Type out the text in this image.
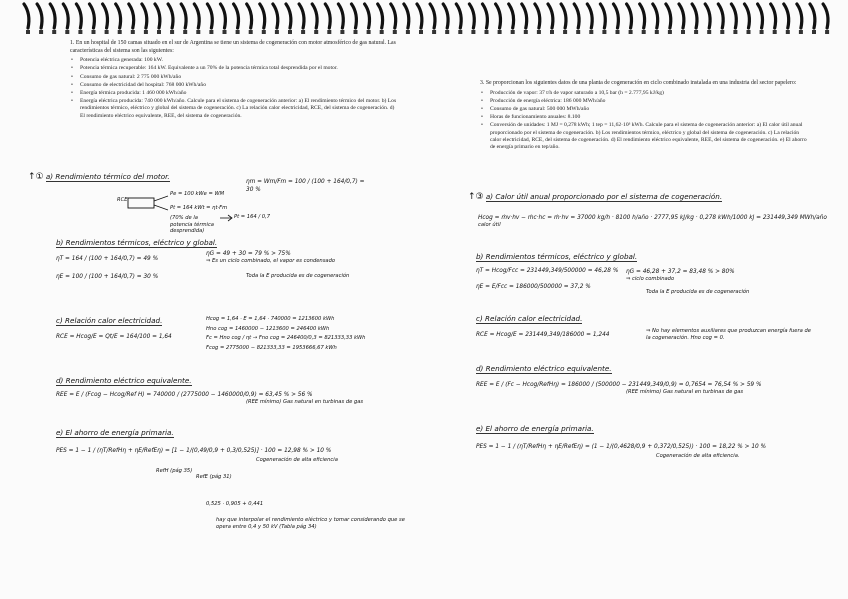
1. En un hospital de 150 camas situado en el sur de Argentina se tiene un sistema de cogeneración con motor atmosférico de gas natural. Las características del sistema son las siguientes:

• Potencia eléctrica generada: 100 kW.

• Potencia térmica recuperable: 164 kW. Equivalente a un 70% de la potencia térmica total desprendida por el motor.

• Consumo de gas natural: 2 775 000 kWh/año

• Consumo de electricidad del hospital: 768 000 kWh/año

• Energía térmica producida: 1 460 000 kWh/año

• Energía eléctrica producida: 740 000 kWh/año. Calcule para el sistema de cogeneración anterior: a) El rendimiento térmico del motor. b) Los rendimientos térmico, eléctrico y global del sistema de cogeneración. c) La relación calor electricidad, RCE, del sistema de cogeneración. d) El rendimiento eléctrico equivalente, REE, del sistema de cogeneración.

↑① a) Rendimiento térmico del motor.

ηm = Wm/Fm = 100 / (100 + 164/0,7) = 30 %

RCE
Pe = 100 kWe = WM
Pt = 164 kWt = ηt·Fm
(70% de la potencia térmica desprendida)
Pt = 164 / 0,7

b) Rendimientos térmicos, eléctrico y global.

ηT = 164 / (100 + 164/0,7) = 49 %

ηE = 100 / (100 + 164/0,7) = 30 %

ηG = 49 + 30 = 79 % > 75%

⇒ Es un ciclo combinado, el vapor es condensado

Toda la E producida es de cogeneración

c) Relación calor electricidad.

RCE = Hcog/E = Qt/E = 164/100 = 1,64

Hcog = 1,64 · E = 1,64 · 740000 = 1213600 kWh

Hno cog = 1460000 − 1213600 = 246400 kWh

Fc = Hno cog / ηt → Fno cog = 246400/0,3 = 821333,33 kWh

Fcog = 2775000 − 821333,33 = 1953666,67 kWh

d) Rendimiento eléctrico equivalente.

REE = E / (Fcog − Hcog/Ref H) = 740000 / (2775000 − 1460000/0,9) = 63,45 % > 56 %

(REE mínimo) Gas natural en turbinas de gas

e) El ahorro de energía primaria.

PES = 1 − 1 / (ηT/RefHη + ηE/RefEη) = [1 − 1/(0,49/0,9 + 0,3/0,525)] · 100 = 12,98 % > 10 %

Cogeneración de alta eficiencia

RefH (pág 35)

RefE (pág 31)

0,525 · 0,905 + 0,441

hay que interpolar el rendimiento eléctrico y tomar considerando que se opera entre 0,4 y 50 kV (Tabla pág 34)

3. Se proporcionan los siguientes datos de una planta de cogeneración en ciclo combinado instalada en una industria del sector papelero:

• Producción de vapor: 37 t/h de vapor saturado a 10,5 bar (h = 2.777,95 kJ/kg)

• Producción de energía eléctrica: 186 000 MWh/año

• Consumo de gas natural: 500 000 MWh/año

• Horas de funcionamiento anuales: 8.100

• Conversión de unidades: 1 MJ = 0,278 kWh; 1 tep = 11,62·10³ kWh. Calcule para el sistema de cogeneración anterior: a) El calor útil anual proporcionado por el sistema de cogeneración. b) Los rendimientos térmico, eléctrico y global del sistema de cogeneración. c) La relación calor electricidad, RCE, del sistema de cogeneración. d) El rendimiento eléctrico equivalente, REE, del sistema de cogeneración. e) El ahorro de energía primario en tep/año.

↑③ a) Calor útil anual proporcionado por el sistema de cogeneración.

Hcog = ṁv·hv − ṁc·hc = ṁ·hv = 37000 kg/h · 8100 h/año · 2777,95 kJ/kg · 0,278 kWh/1000 kJ = 231449,349 MWh/año

calor útil

b) Rendimientos térmicos, eléctrico y global.

ηT = Hcog/Fcc = 231449,349/500000 = 46,28 %

ηE = E/Fcc = 186000/500000 = 37,2 %

ηG = 46,28 + 37,2 = 83,48 % > 80%

⇒ ciclo combinado

Toda la E producida es de cogeneración

c) Relación calor electricidad.

RCE = Hcog/E = 231449,349/186000 = 1,244

⇒ No hay elementos auxiliares que produzcan energía fuera de la cogeneración. Hno cog = 0.

d) Rendimiento eléctrico equivalente.

REE = E / (Fc − Hcog/RefHη) = 186000 / (500000 − 231449,349/0,9) = 0,7654 = 76,54 % > 59 %

(REE mínimo) Gas natural en turbinas de gas

e) El ahorro de energía primaria.

PES = 1 − 1 / (ηT/RefHη + ηE/RefEη) = (1 − 1/(0,4628/0,9 + 0,372/0,525)) · 100 = 18,22 % > 10 %

Cogeneración de alta eficiencia.
